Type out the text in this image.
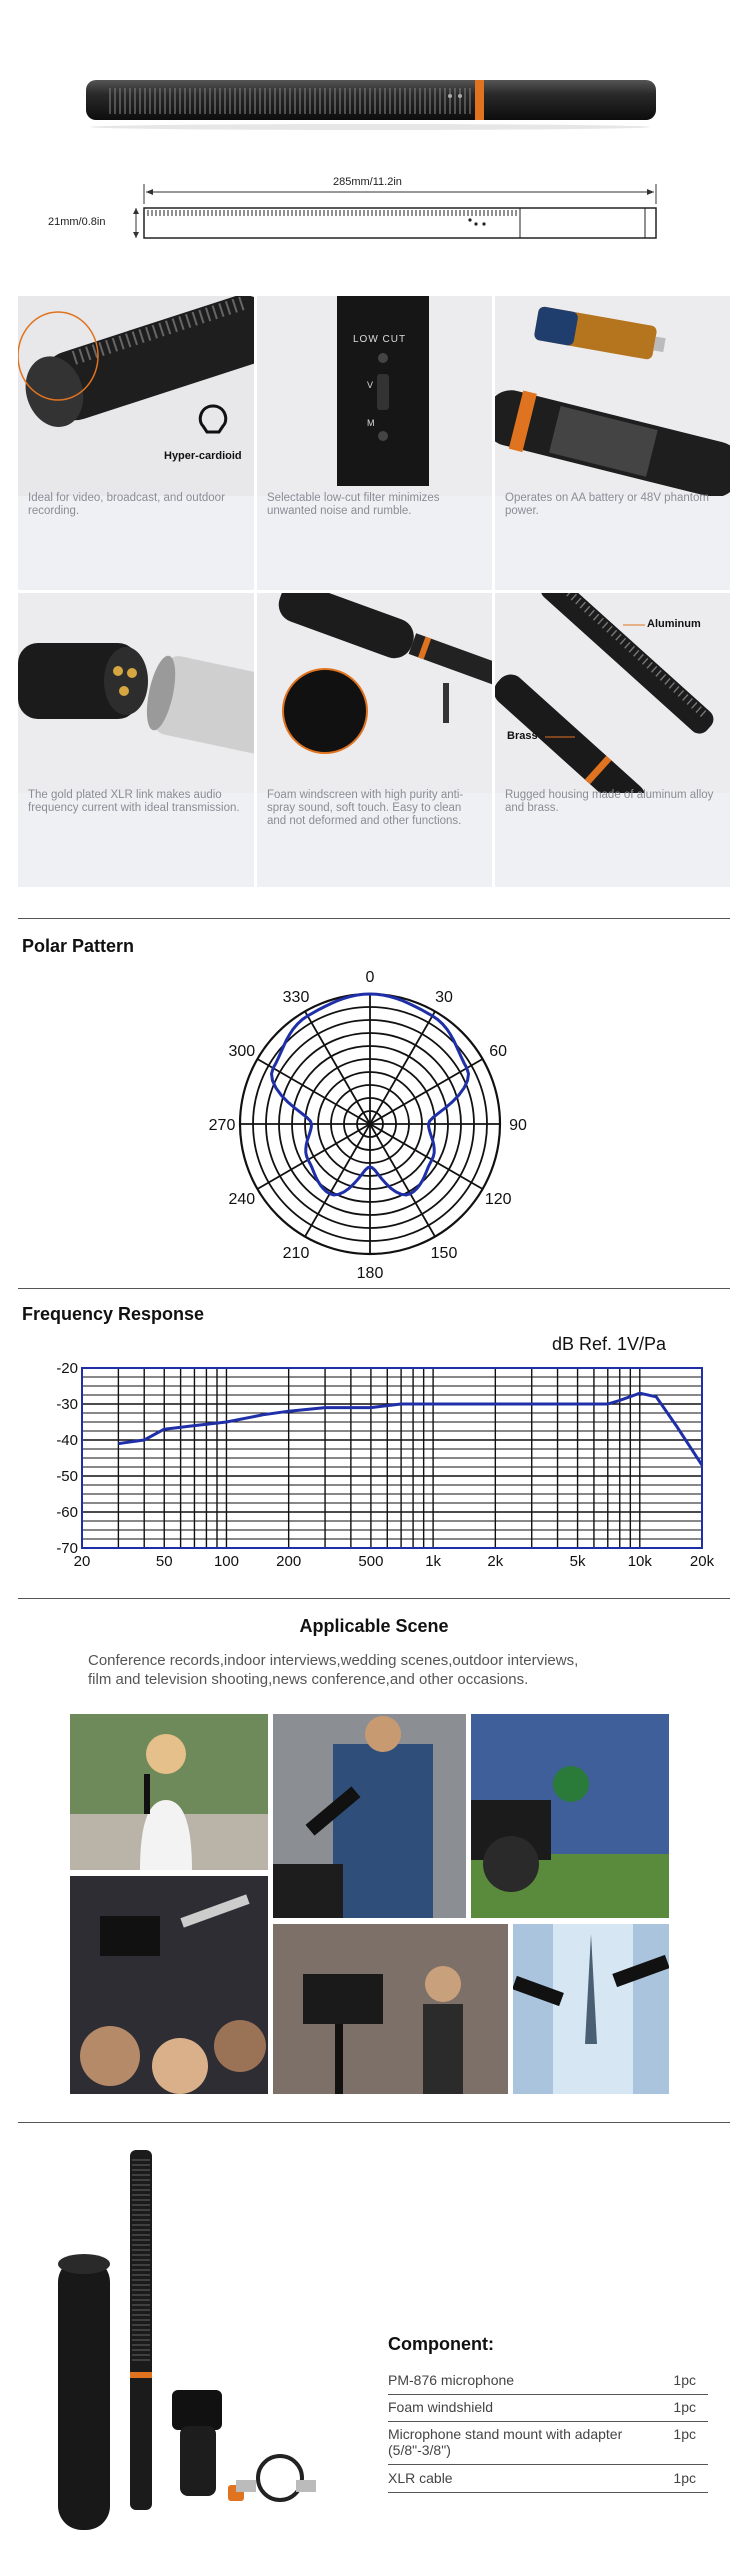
285mm/11.2in
21mm/0.8in
Hyper-cardioid
Ideal for video, broadcast, and outdoor recording.
LOW CUT
V
M
Selectable low-cut filter minimizes unwanted noise and rumble.
Operates on AA battery or 48V phantom power.
The gold plated XLR link makes audio frequency current with ideal transmission.
Foam windscreen with high purity anti-spray sound, soft touch. Easy to clean and not deformed and other functions.
Aluminum
Brass
Rugged housing made of aluminum alloy and brass.
Polar Pattern
0
30
60
90
120
150
180
210
240
270
300
330
Frequency Response
dB Ref. 1V/Pa
-20
-30
-40
-50
-60
-70
20	50	100 200	500	1k	2k	5k	10k	20k
Applicable Scene
Conference records,indoor interviews,wedding scenes,outdoor interviews,
film and television shooting,news conference,and other occasions.
Component:
PM-876 microphone	1pc
Foam windshield	1pc
Microphone stand mount with adapter
(5/8"-3/8")
1pc
XLR cable	1pc
